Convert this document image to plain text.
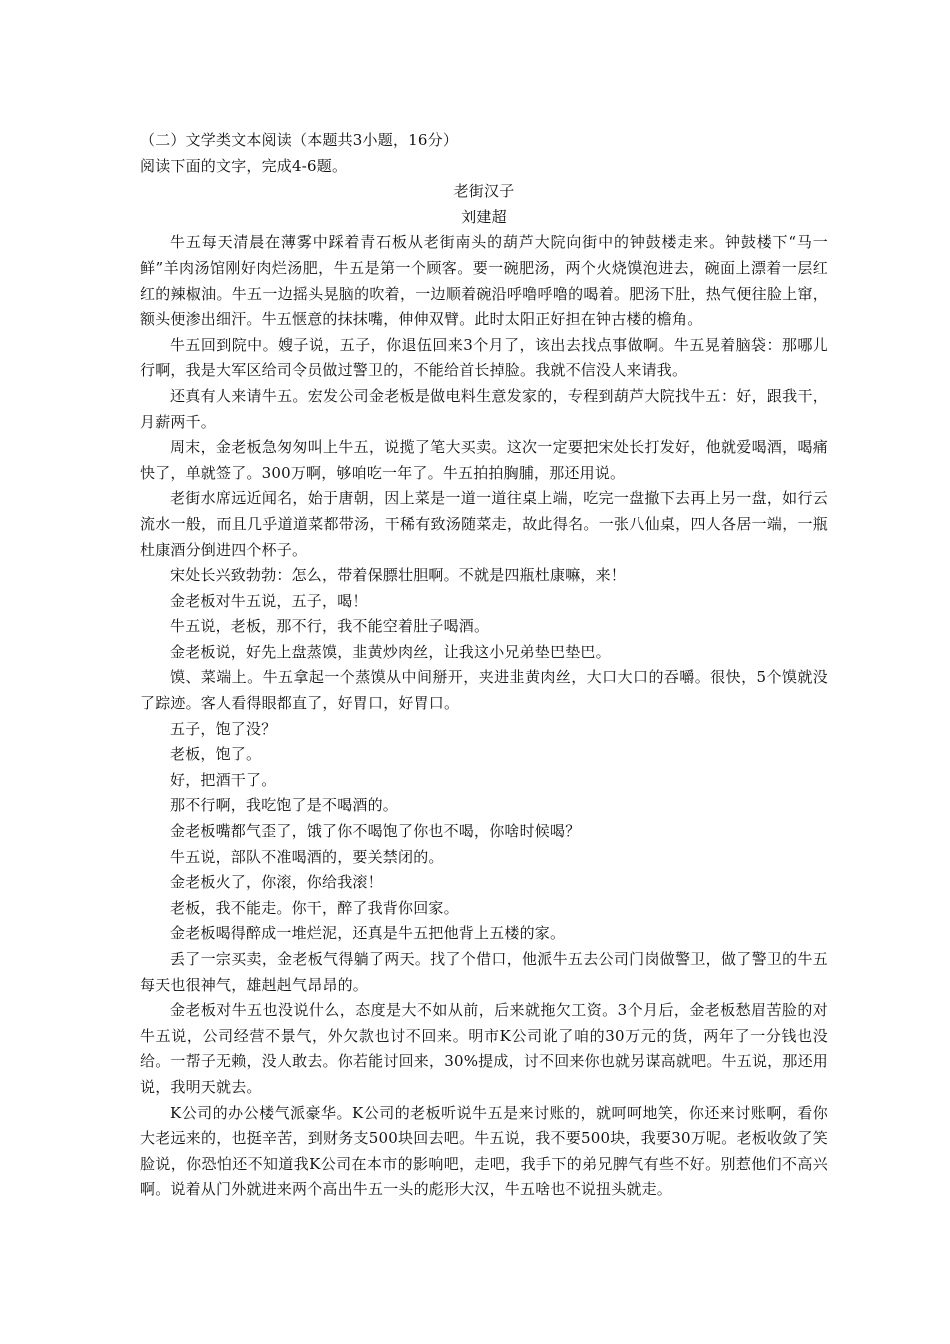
（二）文学类文本阅读（本题共3小题，16分）

阅读下面的文字，完成4-6题。

老街汉子

刘建超

牛五每天清晨在薄雾中踩着青石板从老街南头的葫芦大院向街中的钟鼓楼走来。钟鼓楼下“马一鲜”羊肉汤馆刚好肉烂汤肥，牛五是第一个顾客。要一碗肥汤，两个火烧馍泡进去，碗面上漂着一层红红的辣椒油。牛五一边摇头晃脑的吹着，一边顺着碗沿呼噜呼噜的喝着。肥汤下肚，热气便往脸上窜，额头便渗出细汗。牛五惬意的抹抹嘴，伸伸双臂。此时太阳正好担在钟古楼的檐角。

牛五回到院中。嫂子说，五子，你退伍回来3个月了，该出去找点事做啊。牛五晃着脑袋：那哪儿行啊，我是大军区给司令员做过警卫的，不能给首长掉脸。我就不信没人来请我。

还真有人来请牛五。宏发公司金老板是做电料生意发家的，专程到葫芦大院找牛五：好，跟我干，月薪两千。

周末，金老板急匆匆叫上牛五，说揽了笔大买卖。这次一定要把宋处长打发好，他就爱喝酒，喝痛快了，单就签了。300万啊，够咱吃一年了。牛五拍拍胸脯，那还用说。

老街水席远近闻名，始于唐朝，因上菜是一道一道往桌上端，吃完一盘撤下去再上另一盘，如行云流水一般，而且几乎道道菜都带汤，干稀有致汤随菜走，故此得名。一张八仙桌，四人各居一端，一瓶杜康酒分倒进四个杯子。

宋处长兴致勃勃：怎么，带着保膘壮胆啊。不就是四瓶杜康嘛，来！

金老板对牛五说，五子，喝！

牛五说，老板，那不行，我不能空着肚子喝酒。

金老板说，好先上盘蒸馍，韭黄炒肉丝，让我这小兄弟垫巴垫巴。

馍、菜端上。牛五拿起一个蒸馍从中间掰开，夹进韭黄肉丝，大口大口的吞嚼。很快，5个馍就没了踪迹。客人看得眼都直了，好胃口，好胃口。

五子，饱了没？

老板，饱了。

好，把酒干了。

那不行啊，我吃饱了是不喝酒的。

金老板嘴都气歪了，饿了你不喝饱了你也不喝，你啥时候喝？

牛五说，部队不准喝酒的，要关禁闭的。

金老板火了，你滚，你给我滚！

老板，我不能走。你干，醉了我背你回家。

金老板喝得醉成一堆烂泥，还真是牛五把他背上五楼的家。

丢了一宗买卖，金老板气得躺了两天。找了个借口，他派牛五去公司门岗做警卫，做了警卫的牛五每天也很神气，雄赳赳气昂昂的。

金老板对牛五也没说什么，态度是大不如从前，后来就拖欠工资。3个月后，金老板愁眉苦脸的对牛五说，公司经营不景气，外欠款也讨不回来。明市K公司讹了咱的30万元的货，两年了一分钱也没给。一帮子无赖，没人敢去。你若能讨回来，30%提成，讨不回来你也就另谋高就吧。牛五说，那还用说，我明天就去。

K公司的办公楼气派豪华。K公司的老板听说牛五是来讨账的，就呵呵地笑，你还来讨账啊，看你大老远来的，也挺辛苦，到财务支500块回去吧。牛五说，我不要500块，我要30万呢。老板收敛了笑脸说，你恐怕还不知道我K公司在本市的影响吧，走吧，我手下的弟兄脾气有些不好。别惹他们不高兴啊。说着从门外就进来两个高出牛五一头的彪形大汉，牛五啥也不说扭头就走。
